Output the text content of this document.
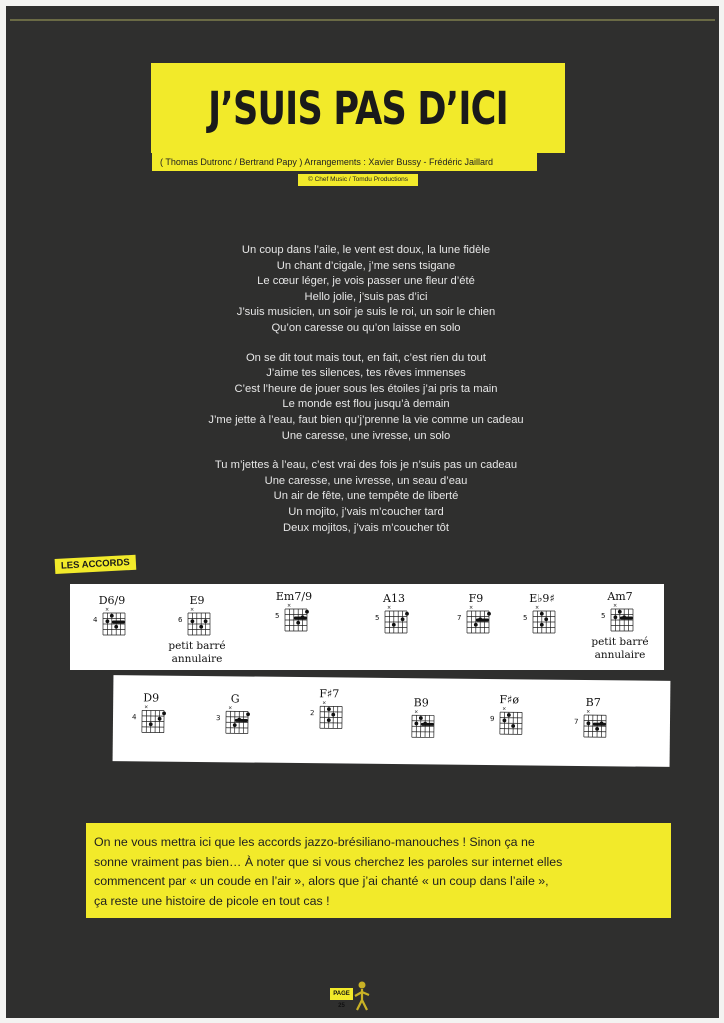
J’SUIS PAS D’ICI
( Thomas Dutronc / Bertrand Papy ) Arrangements : Xavier Bussy - Frédéric Jaillard
© Chef Music / Tomdu Productions
Un coup dans l’aile, le vent est doux, la lune fidèle
Un chant d’cigale, j’me sens tsigane
Le cœur léger, je vois passer une fleur d’été
Hello jolie, j’suis pas d’ici
J’suis musicien, un soir je suis le roi, un soir le chien
Qu’on caresse ou qu’on laisse en solo
On se dit tout mais tout, en fait, c’est rien du tout
J’aime tes silences, tes rêves immenses
C’est l’heure de jouer sous les étoiles j’ai pris ta main
Le monde est flou jusqu’à demain
J’me jette à l’eau, faut bien qu’j’prenne la vie comme un cadeau
Une caresse, une ivresse, un solo
Tu m’jettes à l’eau, c’est vrai des fois je n’suis pas un cadeau
Une caresse, une ivresse, un seau d’eau
Un air de fête, une tempête de liberté
Un mojito, j’vais m’coucher tard
Deux mojitos, j’vais m’coucher tôt
LES ACCORDS
D6/9
×
4
E9
×
6
petit barré
annulaire
Em7/9
×
5
A13
×
5
F9
×
7
E♭9♯
×
5
Am7
×
5
petit barré
annulaire
D9
×
4
G
×
3
F♯7
×
2
B9
×
F♯ø
×
9
B7
×
7
On ne vous mettra ici que les accords jazzo-brésiliano-manouches ! Sinon ça ne
sonne vraiment pas bien… À noter que si vous cherchez les paroles sur internet elles
commencent par « un coude en l’air », alors que j’ai chanté « un coup dans l’aile »,
ça reste une histoire de picole en tout cas !
PAGE 25
